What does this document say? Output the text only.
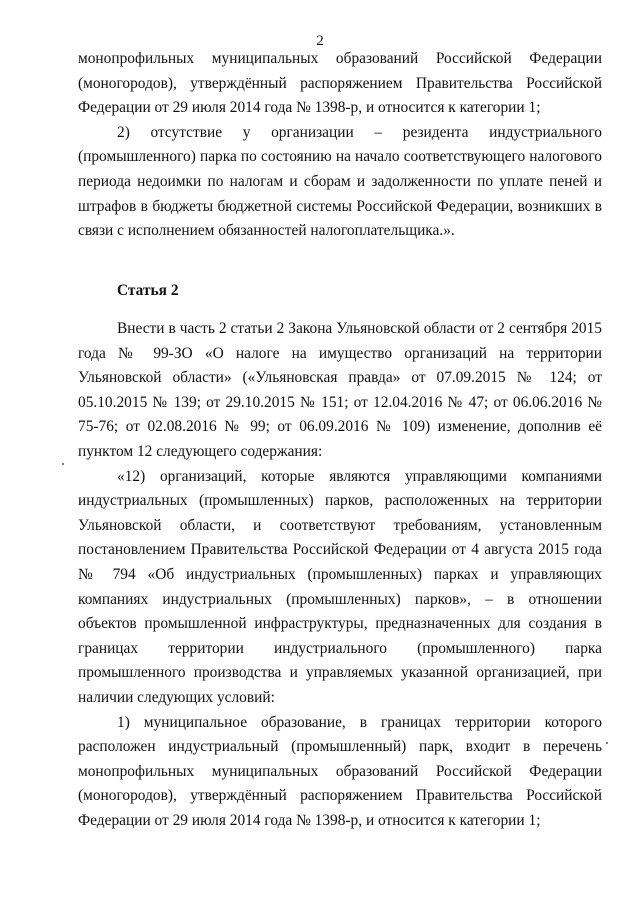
2

монопрофильных муниципальных образований Российской Федерации (моногородов), утверждённый распоряжением Правительства Российской Федерации от 29 июля 2014 года № 1398-р, и относится к категории 1;

2) отсутствие у организации – резидента индустриального (промышленного) парка по состоянию на начало соответствующего налогового периода недоимки по налогам и сборам и задолженности по уплате пеней и штрафов в бюджеты бюджетной системы Российской Федерации, возникших в связи с исполнением обязанностей налогоплательщика.».

Статья 2

Внести в часть 2 статьи 2 Закона Ульяновской области от 2 сентября 2015 года № 99-ЗО «О налоге на имущество организаций на территории Ульяновской области» («Ульяновская правда» от 07.09.2015 № 124; от 05.10.2015 № 139; от 29.10.2015 № 151; от 12.04.2016 № 47; от 06.06.2016 № 75-76; от 02.08.2016 № 99; от 06.09.2016 № 109) изменение, дополнив её пунктом 12 следующего содержания:

«12) организаций, которые являются управляющими компаниями индустриальных (промышленных) парков, расположенных на территории Ульяновской области, и соответствуют требованиям, установленным постановлением Правительства Российской Федерации от 4 августа 2015 года № 794 «Об индустриальных (промышленных) парках и управляющих компаниях индустриальных (промышленных) парков», – в отношении объектов промышленной инфраструктуры, предназначенных для создания в границах территории индустриального (промышленного) парка промышленного производства и управляемых указанной организацией, при наличии следующих условий:

1) муниципальное образование, в границах территории которого расположен индустриальный (промышленный) парк, входит в перечень монопрофильных муниципальных образований Российской Федерации (моногородов), утверждённый распоряжением Правительства Российской Федерации от 29 июля 2014 года № 1398-р, и относится к категории 1;
